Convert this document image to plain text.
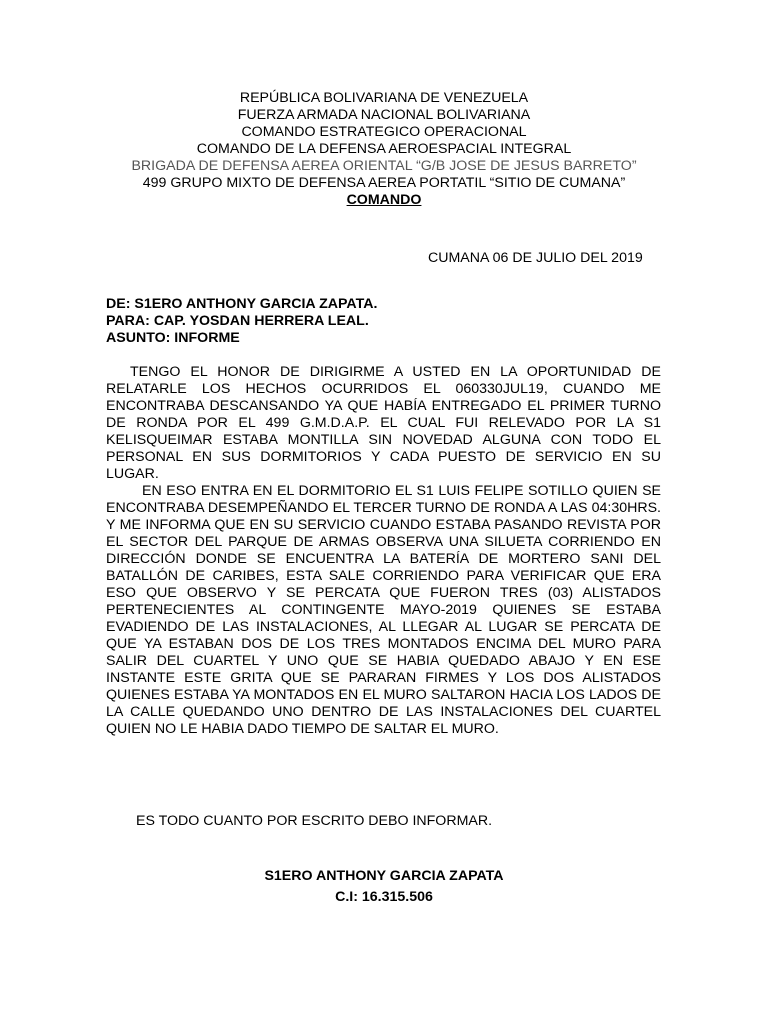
REPÚBLICA BOLIVARIANA DE VENEZUELA
FUERZA ARMADA NACIONAL BOLIVARIANA
COMANDO ESTRATEGICO OPERACIONAL
COMANDO DE LA DEFENSA AEROESPACIAL INTEGRAL
BRIGADA DE DEFENSA AEREA ORIENTAL “G/B JOSE DE JESUS BARRETO”
499 GRUPO MIXTO DE DEFENSA AEREA PORTATIL “SITIO DE CUMANA”
COMANDO
CUMANA 06 DE JULIO DEL 2019
DE: S1ERO ANTHONY GARCIA ZAPATA.
PARA: CAP. YOSDAN HERRERA LEAL.
ASUNTO: INFORME

TENGO EL HONOR DE DIRIGIRME A USTED EN LA OPORTUNIDAD DE RELATARLE LOS HECHOS OCURRIDOS EL 060330JUL19, CUANDO ME ENCONTRABA DESCANSANDO YA QUE HABÍA ENTREGADO EL PRIMER TURNO DE RONDA POR EL 499 G.M.D.A.P. EL CUAL FUI RELEVADO POR LA S1 KELISQUEIMAR ESTABA MONTILLA SIN NOVEDAD ALGUNA CON TODO EL PERSONAL EN SUS DORMITORIOS Y CADA PUESTO DE SERVICIO EN SU LUGAR.

EN ESO ENTRA EN EL DORMITORIO EL S1 LUIS FELIPE SOTILLO QUIEN SE ENCONTRABA DESEMPEÑANDO EL TERCER TURNO DE RONDA A LAS 04:30HRS. Y ME INFORMA QUE EN SU SERVICIO CUANDO ESTABA PASANDO REVISTA POR EL SECTOR DEL PARQUE DE ARMAS OBSERVA UNA SILUETA CORRIENDO EN DIRECCIÓN DONDE SE ENCUENTRA LA BATERÍA DE MORTERO SANI DEL BATALLÓN DE CARIBES, ESTA SALE CORRIENDO PARA VERIFICAR QUE ERA ESO QUE OBSERVO Y SE PERCATA QUE FUERON TRES (03) ALISTADOS PERTENECIENTES AL CONTINGENTE MAYO-2019 QUIENES SE ESTABA EVADIENDO DE LAS INSTALACIONES, AL LLEGAR AL LUGAR SE PERCATA DE QUE YA ESTABAN DOS DE LOS TRES MONTADOS ENCIMA DEL MURO PARA SALIR DEL CUARTEL Y UNO QUE SE HABIA QUEDADO ABAJO Y EN ESE INSTANTE ESTE GRITA QUE SE PARARAN FIRMES Y LOS DOS ALISTADOS QUIENES ESTABA YA MONTADOS EN EL MURO SALTARON HACIA LOS LADOS DE LA CALLE QUEDANDO UNO DENTRO DE LAS INSTALACIONES DEL CUARTEL QUIEN NO LE HABIA DADO TIEMPO DE SALTAR EL MURO.

ES TODO CUANTO POR ESCRITO DEBO INFORMAR.
S1ERO ANTHONY GARCIA ZAPATA
C.I: 16.315.506
